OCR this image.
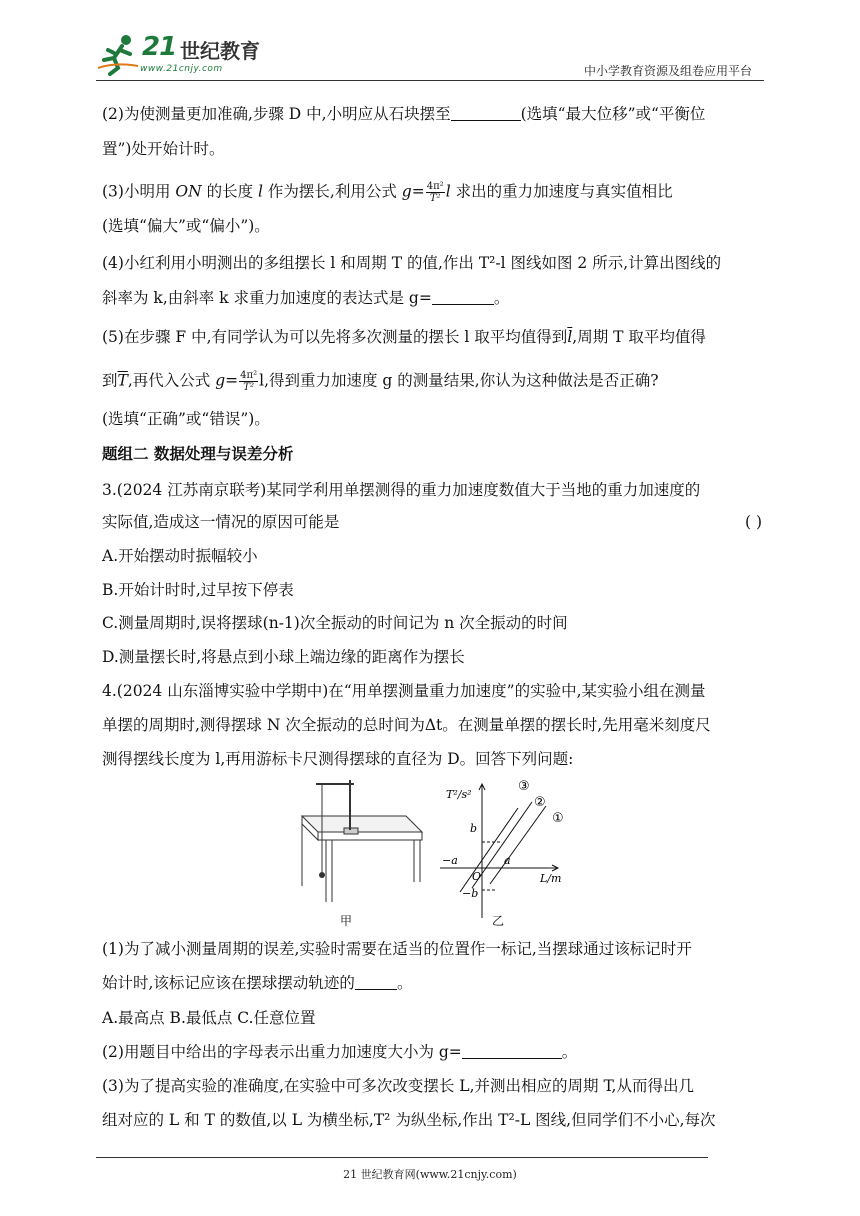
21 世纪教育
www.21cnjy.com	中小学教育资源及组卷应用平台
(2)为使测量更加准确,步骤 D 中,小明应从石块摆至	(选填“最大位移”或“平衡位
置”)处开始计时。
(3)小明用 ON 的长度 l 作为摆长,利用公式 $g= \frac{\text{4π²}}{\text{T²}}$ l 求出的重力加速度与真实值相比
(选填“偏大”或“偏小”)。
(4)小红利用小明测出的多组摆长 l 和周期 T 的值,作出 T²-l 图线如图 2 所示,计算出图线的
斜率为 k,由斜率 k 求重力加速度的表达式是 g=	。
(5)在步骤 F 中,有同学认为可以先将多次测量的摆长 l 取平均值得到$\overline{l}$,周期 T 取平均值得
到$\overline{T}$,再代入公式 $g= \frac{\text{4π²}}{\text{T²}} l$,得到重力加速度 g 的测量结果,你认为这种做法是否正确?
(选填“正确”或“错误”)。
题组二 数据处理与误差分析
3.(2024 江苏南京联考)某同学利用单摆测得的重力加速度数值大于当地的重力加速度的
实际值,造成这一情况的原因可能是	( )
A.开始摆动时振幅较小
B.开始计时时,过早按下停表
C.测量周期时,误将摆球(n-1)次全振动的时间记为 n 次全振动的时间
D.测量摆长时,将悬点到小球上端边缘的距离作为摆长
4.(2024 山东淄博实验中学期中)在“用单摆测量重力加速度”的实验中,某实验小组在测量
单摆的周期时,测得摆球 N 次全振动的总时间为Δt。在测量单摆的摆长时,先用毫米刻度尺
测得摆线长度为 l,再用游标卡尺测得摆球的直径为 D。回答下列问题:
T²/s²
L/m
O
b
−b
a
−a
①
②
③
甲	乙
(1)为了减小测量周期的误差,实验时需要在适当的位置作一标记,当摆球通过该标记时开
始计时,该标记应该在摆球摆动轨迹的	。
A.最高点 B.最低点 C.任意位置
(2)用题目中给出的字母表示出重力加速度大小为 g=	。
(3)为了提高实验的准确度,在实验中可多次改变摆长 L,并测出相应的周期 T,从而得出几
组对应的 L 和 T 的数值,以 L 为横坐标,T² 为纵坐标,作出 T²-L 图线,但同学们不小心,每次
21 世纪教育网(www.21cnjy.com)
